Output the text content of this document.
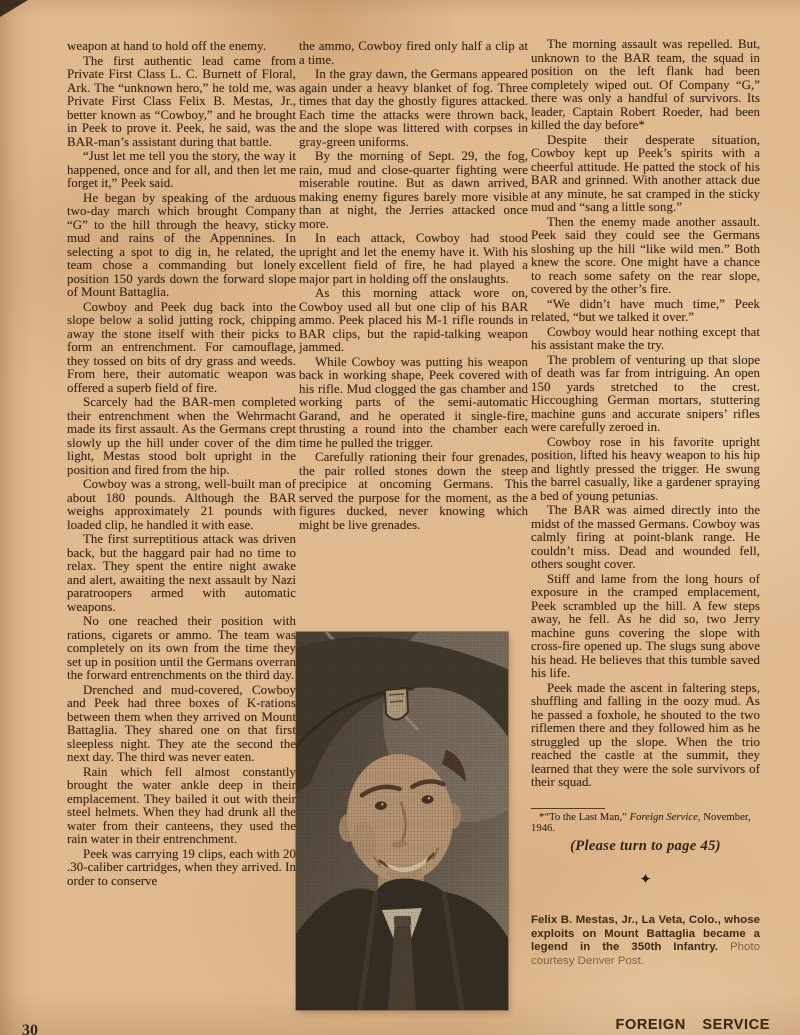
weapon at hand to hold off the enemy.

The first authentic lead came from Private First Class L. C. Burnett of Floral, Ark. The “unknown hero,” he told me, was Private First Class Felix B. Mestas, Jr., better known as “Cowboy,” and he brought in Peek to prove it. Peek, he said, was the BAR-man’s assistant during that battle.

“Just let me tell you the story, the way it happened, once and for all, and then let me forget it,” Peek said.

He began by speaking of the arduous two-day march which brought Company “G” to the hill through the heavy, sticky mud and rains of the Appennines. In selecting a spot to dig in, he related, the team chose a commanding but lonely position 150 yards down the forward slope of Mount Battaglia.

Cowboy and Peek dug back into the slope below a solid jutting rock, chipping away the stone itself with their picks to form an entrenchment. For camouflage, they tossed on bits of dry grass and weeds. From here, their automatic weapon was offered a superb field of fire.

Scarcely had the BAR-men completed their entrenchment when the Wehrmacht made its first assault. As the Germans crept slowly up the hill under cover of the dim light, Mestas stood bolt upright in the position and fired from the hip.

Cowboy was a strong, well-built man of about 180 pounds. Although the BAR weighs approximately 21 pounds with loaded clip, he handled it with ease.

The first surreptitious attack was driven back, but the haggard pair had no time to relax. They spent the entire night awake and alert, awaiting the next assault by Nazi paratroopers armed with automatic weapons.

No one reached their position with rations, cigarets or ammo. The team was completely on its own from the time they set up in position until the Germans overran the forward entrenchments on the third day.

Drenched and mud-covered, Cowboy and Peek had three boxes of K-rations between them when they arrived on Mount Battaglia. They shared one on that first sleepless night. They ate the second the next day. The third was never eaten.

Rain which fell almost constantly brought the water ankle deep in their emplacement. They bailed it out with their steel helmets. When they had drunk all the water from their canteens, they used the rain water in their entrenchment.

Peek was carrying 19 clips, each with 20 .30-caliber cartridges, when they arrived. In order to conserve

the ammo, Cowboy fired only half a clip at a time.

In the gray dawn, the Germans appeared again under a heavy blanket of fog. Three times that day the ghostly figures attacked. Each time the attacks were thrown back, and the slope was littered with corpses in gray-green uniforms.

By the morning of Sept. 29, the fog, rain, mud and close-quarter fighting were miserable routine. But as dawn arrived, making enemy figures barely more visible than at night, the Jerries attacked once more.

In each attack, Cowboy had stood upright and let the enemy have it. With his excellent field of fire, he had played a major part in holding off the onslaughts.

As this morning attack wore on, Cowboy used all but one clip of his BAR ammo. Peek placed his M-1 rifle rounds in BAR clips, but the rapid-talking weapon jammed.

While Cowboy was putting his weapon back in working shape, Peek covered with his rifle. Mud clogged the gas chamber and working parts of the semi-automatic Garand, and he operated it single-fire, thrusting a round into the chamber each time he pulled the trigger.

Carefully rationing their four grenades, the pair rolled stones down the steep precipice at oncoming Germans. This served the purpose for the moment, as the figures ducked, never knowing which might be live grenades.

The morning assault was repelled. But, unknown to the BAR team, the squad in position on the left flank had been completely wiped out. Of Company “G,” there was only a handful of survivors. Its leader, Captain Robert Roeder, had been killed the day before*

Despite their desperate situation, Cowboy kept up Peek’s spirits with a cheerful attitude. He patted the stock of his BAR and grinned. With another attack due at any minute, he sat cramped in the sticky mud and “sang a little song.”

Then the enemy made another assault. Peek said they could see the Germans sloshing up the hill “like wild men.” Both knew the score. One might have a chance to reach some safety on the rear slope, covered by the other’s fire.

“We didn’t have much time,” Peek related, “but we talked it over.”

Cowboy would hear nothing except that his assistant make the try.

The problem of venturing up that slope of death was far from intriguing. An open 150 yards stretched to the crest. Hiccoughing German mortars, stuttering machine guns and accurate snipers’ rifles were carefully zeroed in.

Cowboy rose in his favorite upright position, lifted his heavy weapon to his hip and lightly pressed the trigger. He swung the barrel casually, like a gardener spraying a bed of young petunias.

The BAR was aimed directly into the midst of the massed Germans. Cowboy was calmly firing at point-blank range. He couldn’t miss. Dead and wounded fell, others sought cover.

Stiff and lame from the long hours of exposure in the cramped emplacement, Peek scrambled up the hill. A few steps away, he fell. As he did so, two Jerry machine guns covering the slope with cross-fire opened up. The slugs sung above his head. He believes that this tumble saved his life.

Peek made the ascent in faltering steps, shuffling and falling in the oozy mud. As he passed a foxhole, he shouted to the two riflemen there and they followed him as he struggled up the slope. When the trio reached the castle at the summit, they learned that they were the sole survivors of their squad.

*“To the Last Man,” Foreign Service, November, 1946.
(Please turn to page 45)
✦
Felix B. Mestas, Jr., La Veta, Colo., whose exploits on Mount Battaglia became a legend in the 350th Infantry. Photo courtesy Denver Post.
30	FOREIGN SERVICE
